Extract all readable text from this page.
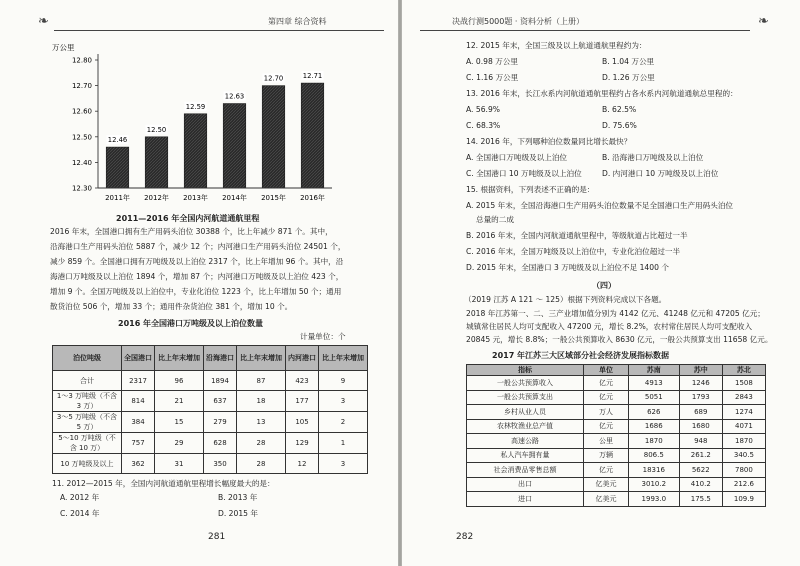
❧	第四章 综合资料
万公里
12.30
12.40
12.50
12.60
12.70
12.80
12.46
12.50
12.59
12.63
12.70	12.71
2011年 2012年 2013年 2014年 2015年 2016年
2011—2016 年全国内河航道通航里程
2016 年末，全国港口拥有生产用码头泊位 30388 个，比上年减少 871 个。其中，
沿海港口生产用码头泊位 5887 个，减少 12 个；内河港口生产用码头泊位 24501 个，
减少 859 个。全国港口拥有万吨级及以上泊位 2317 个，比上年增加 96 个。其中，沿
海港口万吨级及以上泊位 1894 个，增加 87 个；内河港口万吨级及以上泊位 423 个，
增加 9 个。全国万吨级及以上泊位中，专业化泊位 1223 个，比上年增加 50 个；通用
散货泊位 506 个，增加 33 个；通用件杂货泊位 381 个，增加 10 个。
2016 年全国港口万吨级及以上泊位数量
计量单位：个
泊位吨级	全国港口	比上年末增加	沿海港口	比上年末增加	内河港口	比上年末增加
合计	2317	96	1894	87	423	9
1～3 万吨级（不含 3 万）	814	21	637	18	177	3
3～5 万吨级（不含 5 万）	384	15	279	13	105	2
5～10 万吨级（不含 10 万）	757	29	628	28	129	1
10 万吨级及以上	362	31	350	28	12	3
11. 2012—2015 年，全国内河航道通航里程增长幅度最大的是：
A. 2012 年	B. 2013 年
C. 2014 年	D. 2015 年
281
决战行测5000题 · 资料分析（上册）	❧
12. 2015 年末，全国三级及以上航道通航里程约为：
A. 0.98 万公里	B. 1.04 万公里
C. 1.16 万公里	D. 1.26 万公里
13. 2016 年末，长江水系内河航道通航里程约占各水系内河航道通航总里程的：
A. 56.9%	B. 62.5%
C. 68.3%	D. 75.6%
14. 2016 年，下列哪种泊位数量同比增长最快？
A. 全国港口万吨级及以上泊位	B. 沿海港口万吨级及以上泊位
C. 全国港口 10 万吨级及以上泊位	D. 内河港口 10 万吨级及以上泊位
15. 根据资料，下列表述不正确的是：
A. 2015 年末，全国沿海港口生产用码头泊位数量不足全国港口生产用码头泊位
总量的二成
B. 2016 年末，全国内河航道通航里程中，等级航道占比超过一半
C. 2016 年末，全国万吨级及以上泊位中，专业化泊位超过一半
D. 2015 年末，全国港口 3 万吨级及以上泊位不足 1400 个
（四）
（2019 江苏 A 121 ～ 125）根据下列资料完成以下各题。
2018 年江苏第一、二、三产业增加值分别为 4142 亿元、41248 亿元和 47205 亿元；
城镇常住居民人均可支配收入 47200 元，增长 8.2%，农村常住居民人均可支配收入
20845 元，增长 8.8%；一般公共预算收入 8630 亿元，一般公共预算支出 11658 亿元。
2017 年江苏三大区域部分社会经济发展指标数据
指标	单位	苏南	苏中	苏北
一般公共预算收入	亿元	4913	1246	1508
一般公共预算支出	亿元	5051	1793	2843
乡村从业人员	万人	626	689	1274
农林牧渔业总产值	亿元	1686	1680	4071
高速公路	公里	1870	948	1870
私人汽车拥有量	万辆	806.5	261.2	340.5
社会消费品零售总额	亿元	18316	5622	7800
出口	亿美元	3010.2	410.2	212.6
进口	亿美元	1993.0	175.5	109.9
282
